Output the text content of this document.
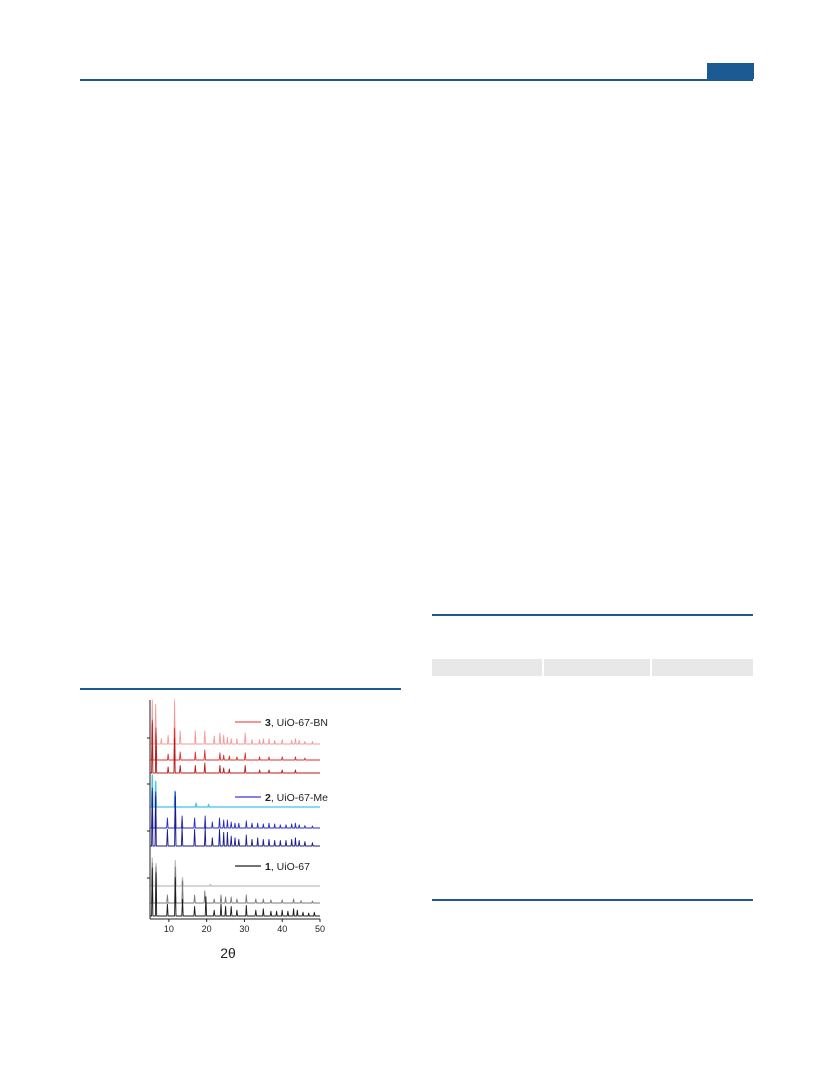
10	20	30	40	50
3, UiO-67-BN
2, UiO-67-Me
1, UiO-67
2θ
